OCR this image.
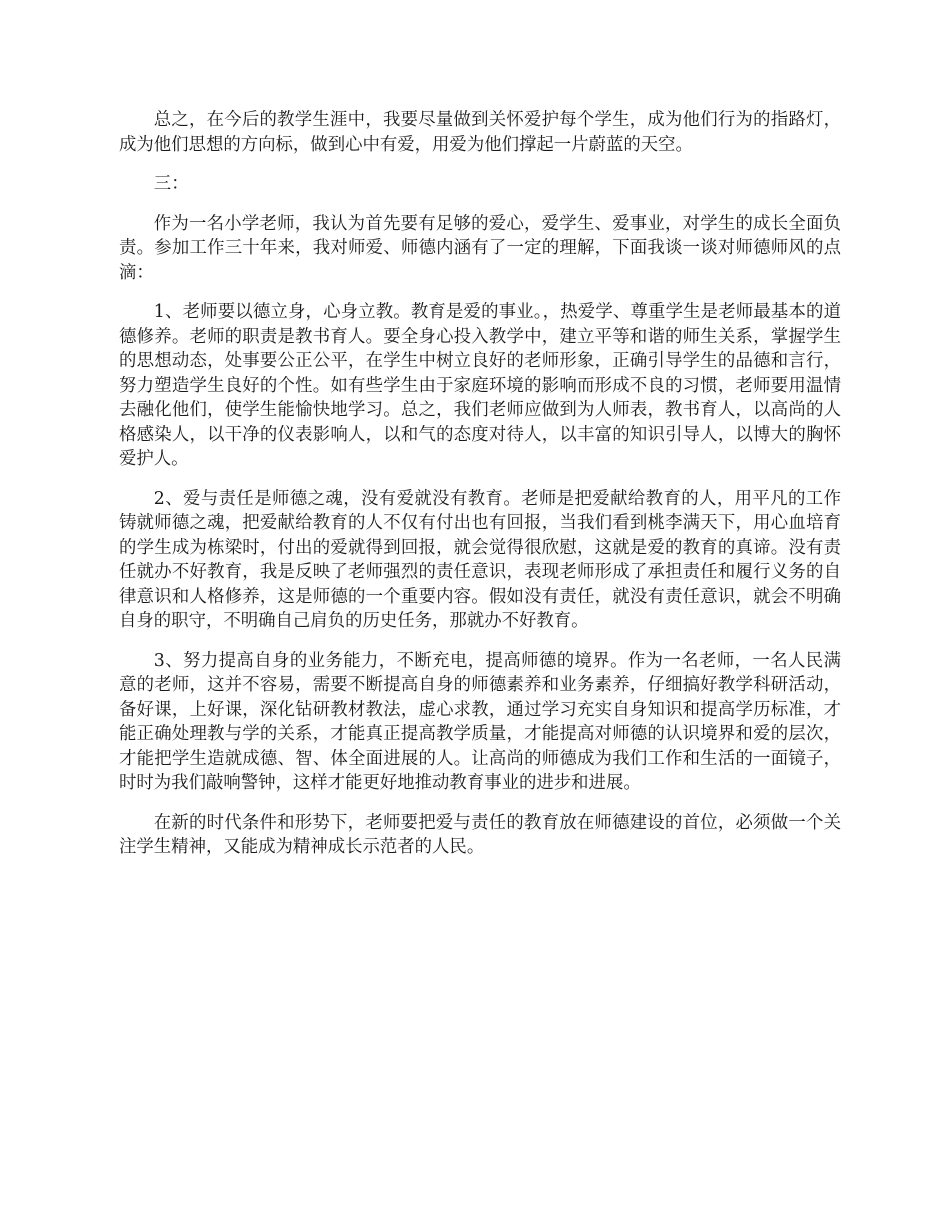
总之，在今后的教学生涯中，我要尽量做到关怀爱护每个学生，成为他们行为的指路灯，成为他们思想的方向标，做到心中有爱，用爱为他们撑起一片蔚蓝的天空。

三：

作为一名小学老师，我认为首先要有足够的爱心，爱学生、爱事业，对学生的成长全面负责。参加工作三十年来，我对师爱、师德内涵有了一定的理解，下面我谈一谈对师德师风的点滴：

1、老师要以德立身，心身立教。教育是爱的事业。，热爱学、尊重学生是老师最基本的道德修养。老师的职责是教书育人。要全身心投入教学中，建立平等和谐的师生关系，掌握学生的思想动态，处事要公正公平，在学生中树立良好的老师形象，正确引导学生的品德和言行，努力塑造学生良好的个性。如有些学生由于家庭环境的影响而形成不良的习惯，老师要用温情去融化他们，使学生能愉快地学习。总之，我们老师应做到为人师表，教书育人，以高尚的人格感染人，以干净的仪表影响人，以和气的态度对待人，以丰富的知识引导人，以博大的胸怀爱护人。

2、爱与责任是师德之魂，没有爱就没有教育。老师是把爱献给教育的人，用平凡的工作铸就师德之魂，把爱献给教育的人不仅有付出也有回报，当我们看到桃李满天下，用心血培育的学生成为栋梁时，付出的爱就得到回报，就会觉得很欣慰，这就是爱的教育的真谛。没有责任就办不好教育，我是反映了老师强烈的责任意识，表现老师形成了承担责任和履行义务的自律意识和人格修养，这是师德的一个重要内容。假如没有责任，就没有责任意识，就会不明确自身的职守，不明确自己肩负的历史任务，那就办不好教育。

3、努力提高自身的业务能力，不断充电，提高师德的境界。作为一名老师，一名人民满意的老师，这并不容易，需要不断提高自身的师德素养和业务素养，仔细搞好教学科研活动，备好课，上好课，深化钻研教材教法，虚心求教，通过学习充实自身知识和提高学历标准，才能正确处理教与学的关系，才能真正提高教学质量，才能提高对师德的认识境界和爱的层次，才能把学生造就成德、智、体全面进展的人。让高尚的师德成为我们工作和生活的一面镜子，时时为我们敲响警钟，这样才能更好地推动教育事业的进步和进展。

在新的时代条件和形势下，老师要把爱与责任的教育放在师德建设的首位，必须做一个关注学生精神，又能成为精神成长示范者的人民。
